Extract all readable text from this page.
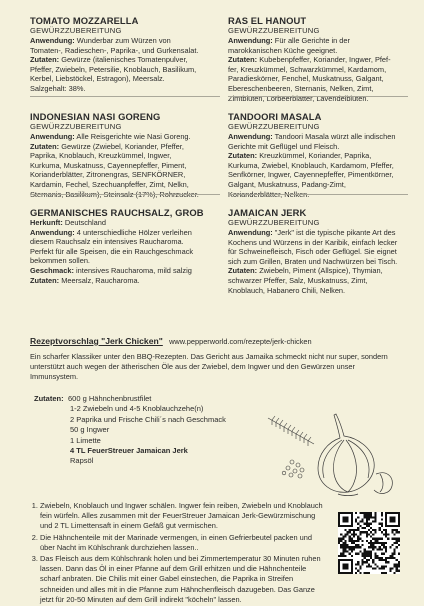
TOMATO MOZZARELLA
GEWÜRZZUBEREITUNG
Anwendung: Wunderbar zum Würzen von
Tomaten-, Radieschen-, Paprika-, und Gurkensalat.
Zutaten: Gewürze (italienisches Tomatenpulver,
Pfeffer, Zwiebeln, Petersilie, Knoblauch, Basilikum,
Kerbel, Liebstöckel, Estragon), Meersalz.
Salzgehalt: 38%.
RAS EL HANOUT
GEWÜRZZUBEREITUNG
Anwendung: Für alle Gerichte in der
marokkanischen Küche geeignet.
Zutaten: Kubebenpfeffer, Koriander, Ingwer, Pfef-
fer, Kreuzkümmel, Schwarzkümmel, Kardamom,
Paradieskörner, Fenchel, Muskatnuss, Galgant,
Ebereschenbeeren, Sternanis, Nelken, Zimt,
Zimtblüten, Lorbeerblätter, Lavendelblüten.
INDONESIAN NASI GORENG
GEWÜRZZUBEREITUNG
Anwendung: Alle Reisgerichte wie Nasi Goreng.
Zutaten: Gewürze (Zwiebel, Koriander, Pfeffer,
Paprika, Knoblauch, Kreuzkümmel, Ingwer,
Kurkuma, Muskatnuss, Cayennepfeffer, Piment,
Korianderblätter, Zitronengras, SENFKÖRNER,
Kardamin, Fechel, Szechuanpfeffer, Zimt, Nelkn,
Sternanis, Basilikum), Steinsalz (17%), Rohrzucker.
TANDOORI MASALA
GEWÜRZZUBEREITUNG
Anwendung: Tandoori Masala würzt alle indischen
Gerichte mit Geflügel und Fleisch.
Zutaten: Kreuzkümmel, Koriander, Paprika,
Kurkuma, Zwiebel, Knoblauch, Kardamom, Pfeffer,
Senfkörner, Ingwer, Cayennepfeffer, Pimentkörner,
Galgant, Muskatnuss, Padang-Zimt,
Korianderblätter, Nelken.
GERMANISCHES RAUCHSALZ, GROB
Herkunft: Deutschland
Anwendung: 4 unterschiedliche Hölzer verleihen
diesem Rauchsalz ein intensives Raucharoma.
Perfekt für alle Speisen, die ein Rauchgeschmack
bekommen sollen.
Geschmack: intensives Raucharoma, mild salzig
Zutaten: Meersalz, Raucharoma.
JAMAICAN JERK
GEWÜRZZUBEREITUNG
Anwendung: "Jerk" ist die typische pikante Art des
Kochens und Würzens in der Karibik, einfach lecker
für Schweinefleisch, Fisch oder Geflügel. Sie eignet
sich zum Grillen, Braten und Nachwürzen bei Tisch.
Zutaten: Zwiebeln, Piment (Allspice), Thymian,
schwarzer Pfeffer, Salz, Muskatnuss, Zimt,
Knoblauch, Habanero Chili, Nelken.
Rezeptvorschlag "Jerk Chicken" www.pepperworld.com/rezepte/jerk-chicken
Ein scharfer Klassiker unter den BBQ-Rezepten. Das Gericht aus Jamaika schmeckt nicht nur super, sondern unterstützt auch wegen der ätherischen Öle aus der Zwiebel, dem Ingwer und den Gewürzen unser Immunsystem.
Zutaten: 600 g Hähnchenbrustfilet
1-2 Zwiebeln und 4-5 Knoblauchzehe(n)
2 Paprika und Frische Chili´s nach Geschmack
50 g Ingwer
1 Limette
4 TL FeuerStreuer Jamaican Jerk
Rapsöl
1. Zwiebeln, Knoblauch und Ingwer schälen. Ingwer fein reiben, Zwiebeln und Knoblauch fein würfeln. Alles zusammen mit der FeuerStreuer Jamaican Jerk-Gewürzmischung und 2 TL Limettensaft in einem Gefäß gut vermischen.
2. Die Hähnchenteile mit der Marinade vermengen, in einen Gefrierbeutel packen und über Nacht im Kühlschrank durchziehen lassen..
3. Das Fleisch aus dem Kühlschrank holen und bei Zimmertemperatur 30 Minuten ruhen lassen. Dann das Öl in einer Pfanne auf dem Grill erhitzen und die Hähnchenteile scharf anbraten. Die Chilis mit einer Gabel einstechen, die Paprika in Streifen schneiden und alles mit in die Pfanne zum Hähnchenfleisch dazugeben. Das Ganze jetzt für 20-50 Minuten auf dem Grill indirekt "köcheln" lassen.
